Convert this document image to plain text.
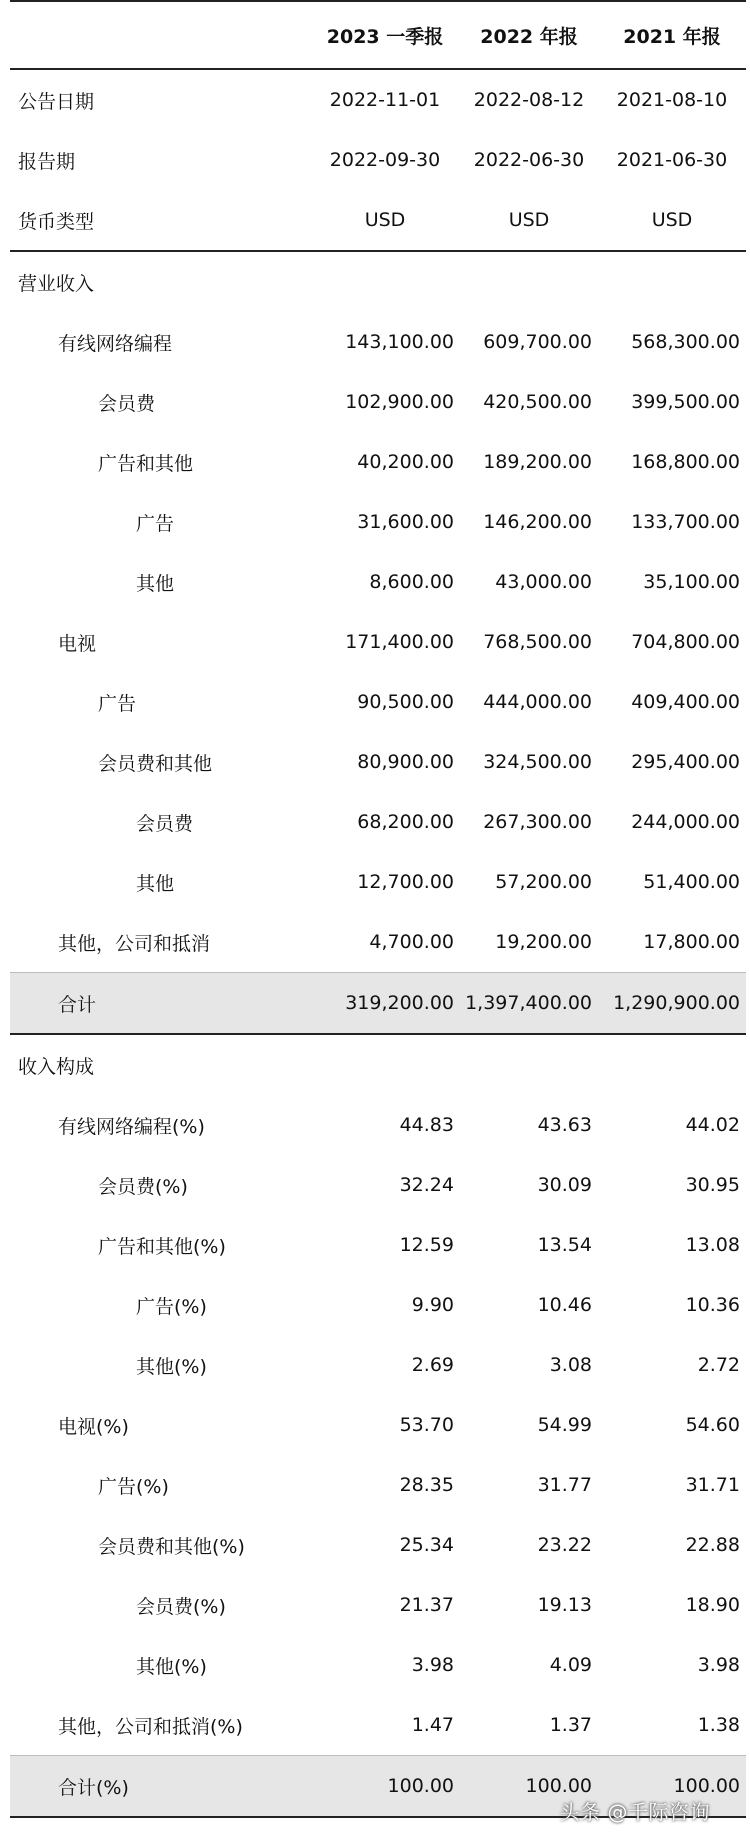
	2023 一季报	2022 年报	2021 年报
公告日期	2022-11-01	2022-08-12	2021-08-10
报告期	2022-09-30	2022-06-30	2021-06-30
货币类型	USD	USD	USD
营业收入			
有线网络编程	143,100.00	609,700.00	568,300.00
会员费	102,900.00	420,500.00	399,500.00
广告和其他	40,200.00	189,200.00	168,800.00
广告	31,600.00	146,200.00	133,700.00
其他	8,600.00	43,000.00	35,100.00
电视	171,400.00	768,500.00	704,800.00
广告	90,500.00	444,000.00	409,400.00
会员费和其他	80,900.00	324,500.00	295,400.00
会员费	68,200.00	267,300.00	244,000.00
其他	12,700.00	57,200.00	51,400.00
其他，公司和抵消	4,700.00	19,200.00	17,800.00
合计	319,200.00	1,397,400.00	1,290,900.00
收入构成			
有线网络编程(%)	44.83	43.63	44.02
会员费(%)	32.24	30.09	30.95
广告和其他(%)	12.59	13.54	13.08
广告(%)	9.90	10.46	10.36
其他(%)	2.69	3.08	2.72
电视(%)	53.70	54.99	54.60
广告(%)	28.35	31.77	31.71
会员费和其他(%)	25.34	23.22	22.88
会员费(%)	21.37	19.13	18.90
其他(%)	3.98	4.09	3.98
其他，公司和抵消(%)	1.47	1.37	1.38
合计(%)	100.00	100.00	100.00
头条 @千际咨询
